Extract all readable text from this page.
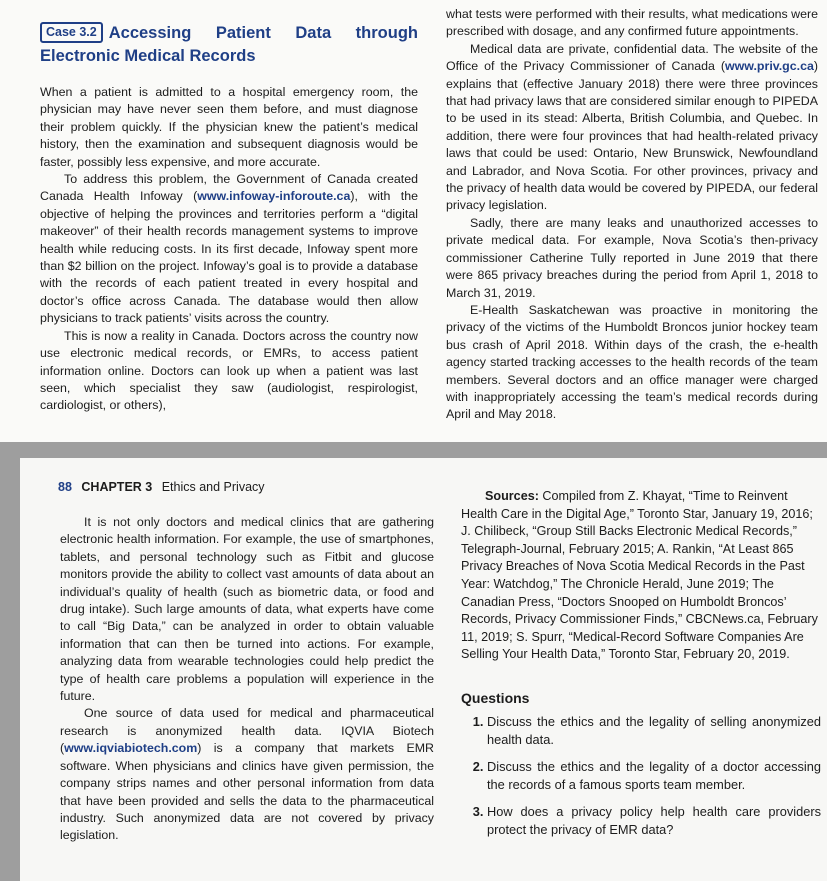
Case 3.2 Accessing Patient Data through Electronic Medical Records

When a patient is admitted to a hospital emergency room, the physician may have never seen them before, and must diagnose their problem quickly. If the physician knew the patient’s medical history, then the examination and subsequent diagnosis would be faster, possibly less expensive, and more accurate.

To address this problem, the Government of Canada created Canada Health Infoway (www.infoway-inforoute.ca), with the objective of helping the provinces and territories perform a “digital makeover” of their health records management systems to improve health while reducing costs. In its first decade, Infoway spent more than $2 billion on the project. Infoway’s goal is to provide a database with the records of each patient treated in every hospital and doctor’s office across Canada. The database would then allow physicians to track patients’ visits across the country.

This is now a reality in Canada. Doctors across the country now use electronic medical records, or EMRs, to access patient information online. Doctors can look up when a patient was last seen, which specialist they saw (audiologist, respirologist, cardiologist, or others),

what tests were performed with their results, what medications were prescribed with dosage, and any confirmed future appointments.

Medical data are private, confidential data. The website of the Office of the Privacy Commissioner of Canada (www.priv.gc.ca) explains that (effective January 2018) there were three provinces that had privacy laws that are considered similar enough to PIPEDA to be used in its stead: Alberta, British Columbia, and Quebec. In addition, there were four provinces that had health-related privacy laws that could be used: Ontario, New Brunswick, Newfoundland and Labrador, and Nova Scotia. For other provinces, privacy and the privacy of health data would be covered by PIPEDA, our federal privacy legislation.

Sadly, there are many leaks and unauthorized accesses to private medical data. For example, Nova Scotia’s then-privacy commissioner Catherine Tully reported in June 2019 that there were 865 privacy breaches during the period from April 1, 2018 to March 31, 2019.

E-Health Saskatchewan was proactive in monitoring the privacy of the victims of the Humboldt Broncos junior hockey team bus crash of April 2018. Within days of the crash, the e-health agency started tracking accesses to the health records of the team members. Several doctors and an office manager were charged with inappropriately accessing the team’s medical records during April and May 2018.

88 CHAPTER 3 Ethics and Privacy

It is not only doctors and medical clinics that are gathering electronic health information. For example, the use of smartphones, tablets, and personal technology such as Fitbit and glucose monitors provide the ability to collect vast amounts of data about an individual’s quality of health (such as biometric data, or food and drug intake). Such large amounts of data, what experts have come to call “Big Data,” can be analyzed in order to obtain valuable information that can then be turned into actions. For example, analyzing data from wearable technologies could help predict the type of health care problems a population will experience in the future.

One source of data used for medical and pharmaceutical research is anonymized health data. IQVIA Biotech (www.iqviabiotech.com) is a company that markets EMR software. When physicians and clinics have given permission, the company strips names and other personal information from data that have been provided and sells the data to the pharmaceutical industry. Such anonymized data are not covered by privacy legislation.

Sources: Compiled from Z. Khayat, “Time to Reinvent Health Care in the Digital Age,” Toronto Star, January 19, 2016; J. Chilibeck, “Group Still Backs Electronic Medical Records,” Telegraph-Journal, February 2015; A. Rankin, “At Least 865 Privacy Breaches of Nova Scotia Medical Records in the Past Year: Watchdog,” The Chronicle Herald, June 2019; The Canadian Press, “Doctors Snooped on Humboldt Broncos’ Records, Privacy Commissioner Finds,” CBCNews.ca, February 11, 2019; S. Spurr, “Medical-Record Software Companies Are Selling Your Health Data,” Toronto Star, February 20, 2019.

Questions
1. Discuss the ethics and the legality of selling anonymized health data.
2. Discuss the ethics and the legality of a doctor accessing the records of a famous sports team member.
3. How does a privacy policy help health care providers protect the privacy of EMR data?
